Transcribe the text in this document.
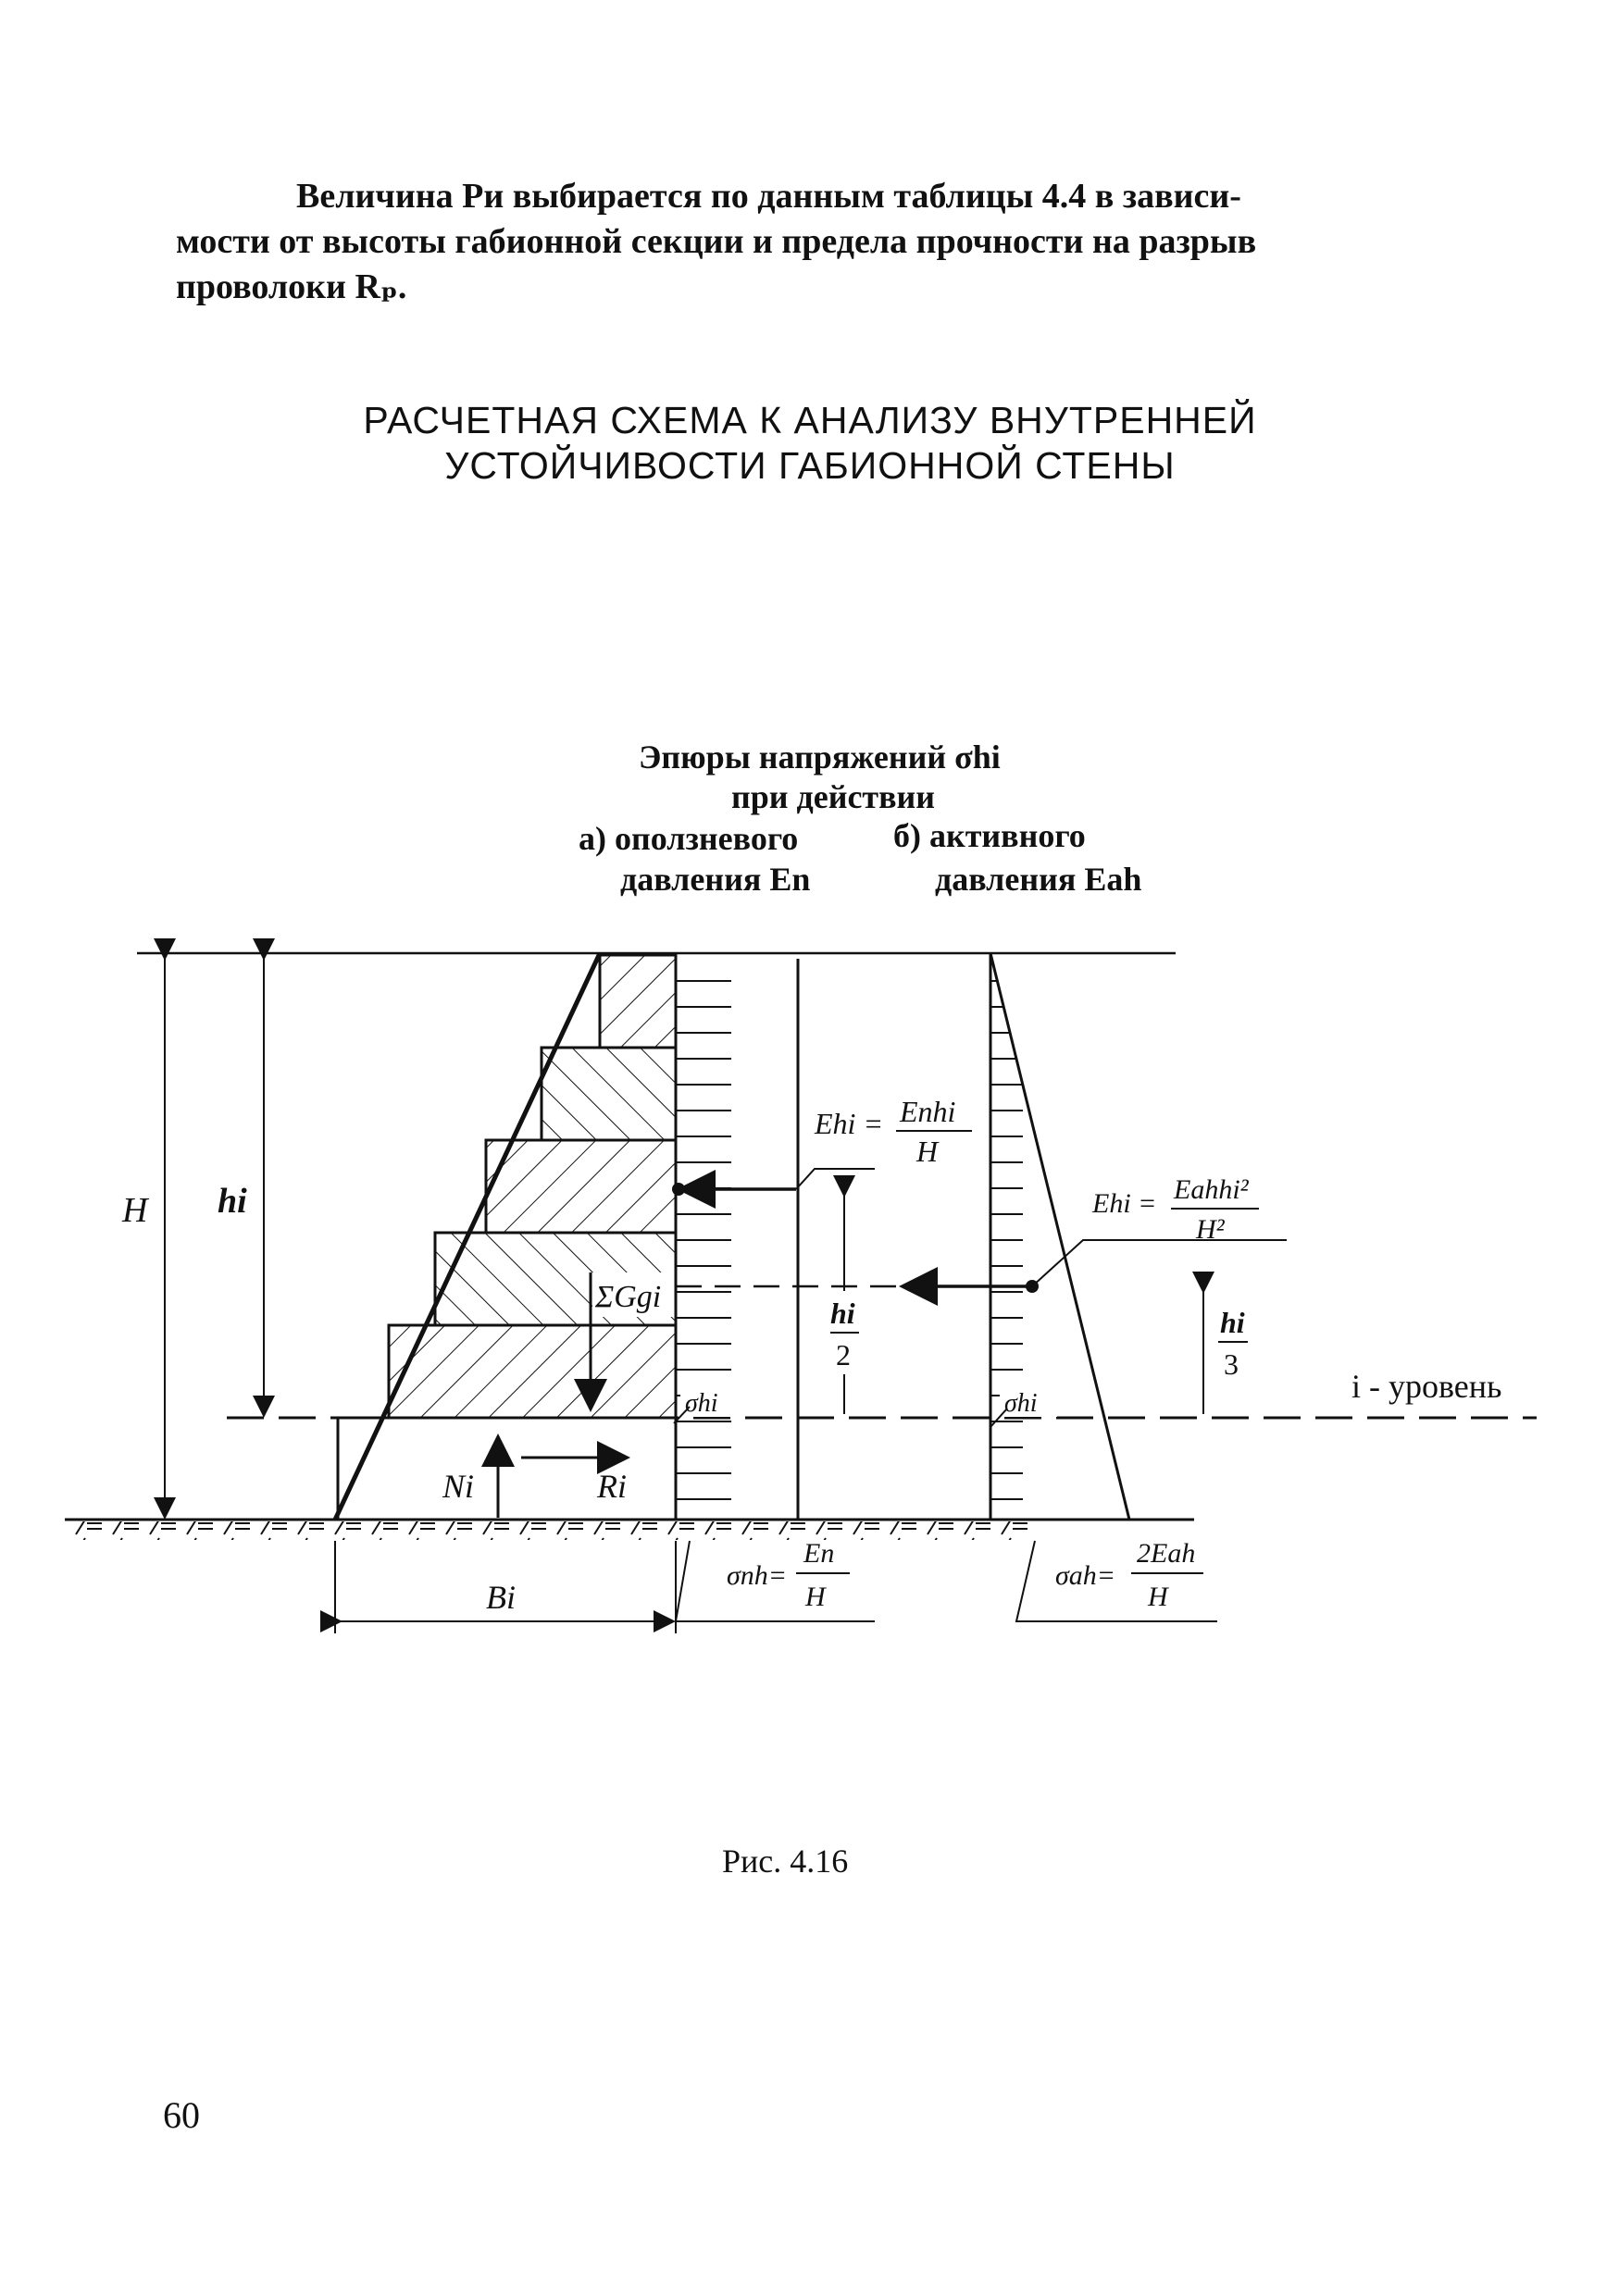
Величина Pи выбирается по данным таблицы 4.4 в зависи-

мости от высоты габионной секции и предела прочности на разрыв

проволоки Rₚ.

РАСЧЕТНАЯ СХЕМА К АНАЛИЗУ ВНУТРЕННЕЙ
УСТОЙЧИВОСТИ ГАБИОННОЙ СТЕНЫ
Эпюры напряжений σhi
при действии
а) оползневого
давления En
б) активного
давления Eah
i - уровень
H hi
ΣGgi
Ni	Ri
Bi
Ehi = Enhi
H
Ehi = Eahhi²
H²
hi
2
hi
3
σhi	σhi
σnh=
En
H
σah=
2Eah
H

Рис. 4.16

60
